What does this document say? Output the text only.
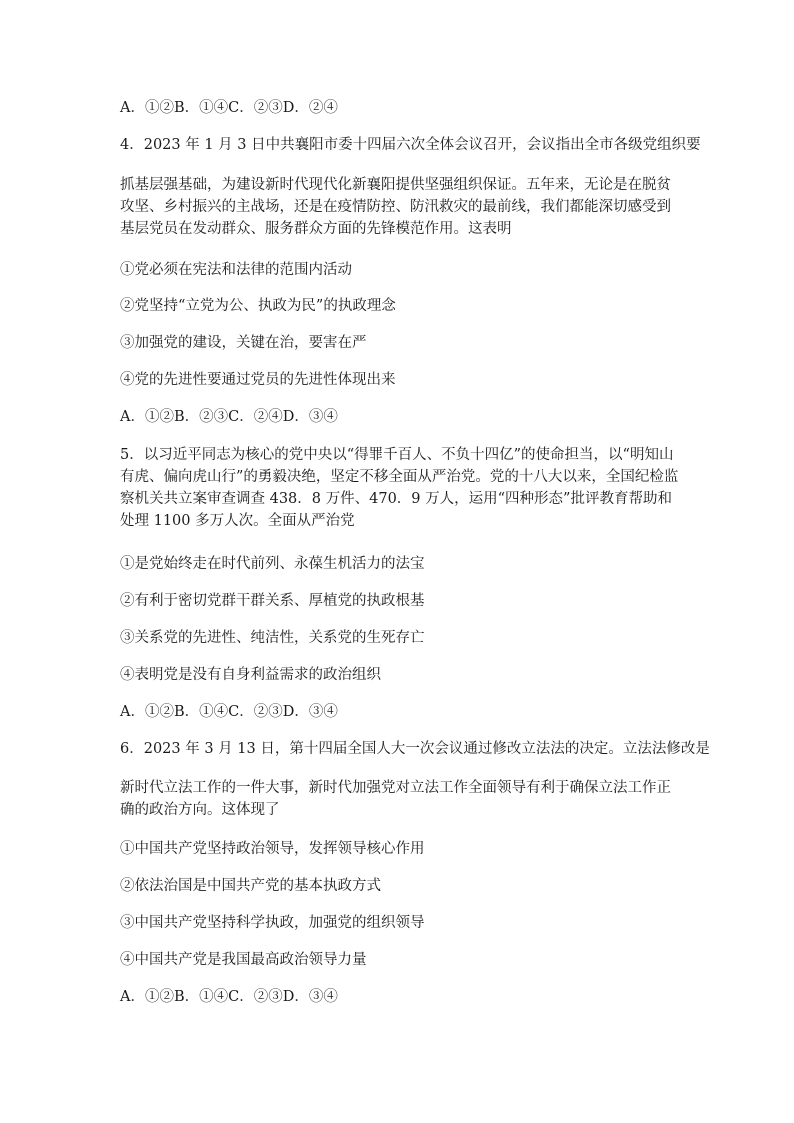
A．①②B．①④C．②③D．②④
4．2023 年 1 月 3 日中共襄阳市委十四届六次全体会议召开，会议指出全市各级党组织要
抓基层强基础，为建设新时代现代化新襄阳提供坚强组织保证。五年来，无论是在脱贫攻坚、乡村振兴的主战场，还是在疫情防控、防汛救灾的最前线，我们都能深切感受到基层党员在发动群众、服务群众方面的先锋模范作用。这表明
①党必须在宪法和法律的范围内活动
②党坚持“立党为公、执政为民”的执政理念
③加强党的建设，关键在治，要害在严
④党的先进性要通过党员的先进性体现出来
A．①②B．②③C．②④D．③④
5．以习近平同志为核心的党中央以“得罪千百人、不负十四亿”的使命担当，以“明知山有虎、偏向虎山行”的勇毅决绝，坚定不移全面从严治党。党的十八大以来，全国纪检监察机关共立案审查调查 438．8 万件、470．9 万人，运用“四种形态”批评教育帮助和处理 1100 多万人次。全面从严治党
①是党始终走在时代前列、永葆生机活力的法宝
②有利于密切党群干群关系、厚植党的执政根基
③关系党的先进性、纯洁性，关系党的生死存亡
④表明党是没有自身利益需求的政治组织
A．①②B．①④C．②③D．③④
6．2023 年 3 月 13 日，第十四届全国人大一次会议通过修改立法法的决定。立法法修改是
新时代立法工作的一件大事，新时代加强党对立法工作全面领导有利于确保立法工作正确的政治方向。这体现了
①中国共产党坚持政治领导，发挥领导核心作用
②依法治国是中国共产党的基本执政方式
③中国共产党坚持科学执政，加强党的组织领导
④中国共产党是我国最高政治领导力量
A．①②B．①④C．②③D．③④
